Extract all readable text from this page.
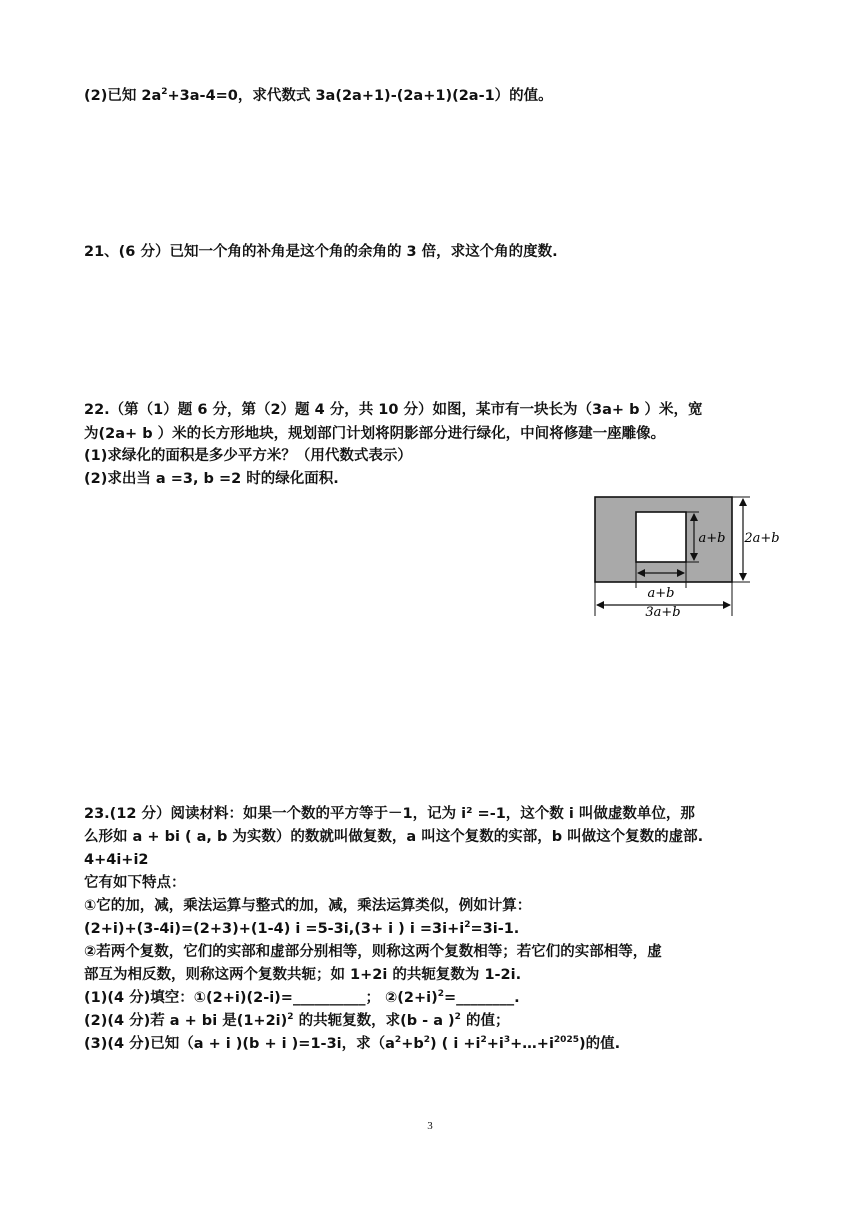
(2)已知 $2a^2+3a-4=0$，求代数式 3a(2a+1)-(2a+1)(2a-1）的值。
21、(6 分）已知一个角的补角是这个角的余角的 3 倍，求这个角的度数.
22.（第（1）题 6 分，第（2）题 4 分，共 10 分）如图，某市有一块长为（3a+ b ）米，宽
为(2a+ b ）米的长方形地块，规划部门计划将阴影部分进行绿化，中间将修建一座雕像。
(1)求绿化的面积是多少平方米？（用代数式表示）
(2)求出当 a =3, b =2 时的绿化面积.
a+b 2a+b
a+b
3a+b
23.(12 分）阅读材料：如果一个数的平方等于－1，记为 i² =-1，这个数 i 叫做虚数单位，那
么形如 a + bi ( a, b 为实数）的数就叫做复数，a 叫这个复数的实部，b 叫做这个复数的虚部.
4+4i+i2
它有如下特点：
①它的加，减，乘法运算与整式的加，减，乘法运算类似，例如计算：
(2+i)+(3-4i)=(2+3)+(1-4) i =5-3i,(3+ i ) $i =3i+i^2=3i-1$.
②若两个复数，它们的实部和虚部分别相等，则称这两个复数相等；若它们的实部相等，虚
部互为相反数，则称这两个复数共轭；如 1+2i 的共轭复数为 1-2i.
(1)(4 分)填空：①(2+i)(2-i)=__________； $②(2+i)^2=\_\_\_\_\_\_\_\_$.
(2)(4 分)若 a + bi 是$(1+2i)^2$ 的共轭复数，求(b - a )$^2$ 的值；
(3)(4 分)已知（a + i )(b + i )=1-3i，求$(a^2+b^2)$ ( $i +i^2+i^3+\dots+i^{2025}$)的值.
3
